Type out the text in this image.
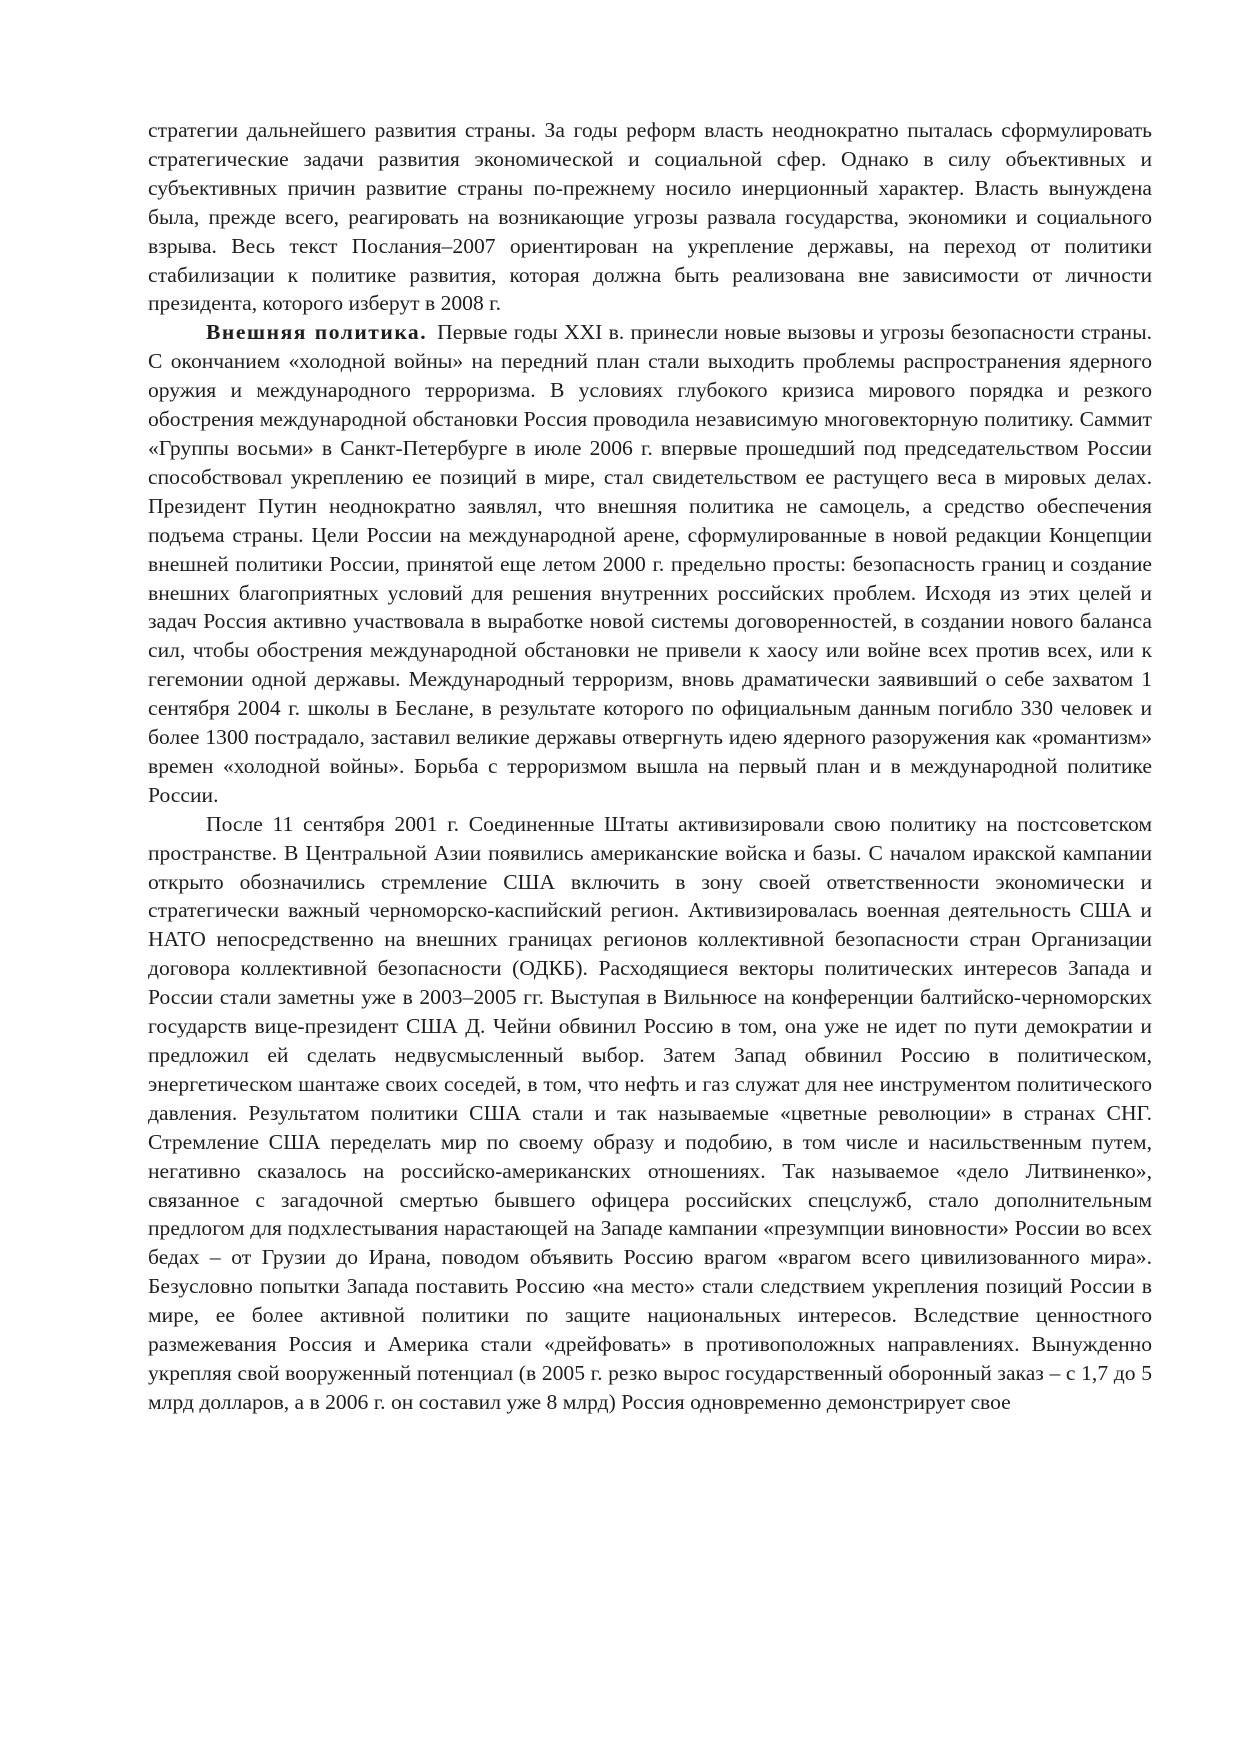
стратегии дальнейшего развития страны. За годы реформ власть неоднократно пыталась сформулировать стратегические задачи развития экономической и социальной сфер. Однако в силу объективных и субъективных причин развитие страны по-прежнему носило инерционный характер. Власть вынуждена была, прежде всего, реагировать на возникающие угрозы развала государства, экономики и социального взрыва. Весь текст Послания–2007 ориентирован на укрепление державы, на переход от политики стабилизации к политике развития, которая должна быть реализована вне зависимости от личности президента, которого изберут в 2008 г.

Внешняя политика. Первые годы XXI в. принесли новые вызовы и угрозы безопасности страны. С окончанием «холодной войны» на передний план стали выходить проблемы распространения ядерного оружия и международного терроризма. В условиях глубокого кризиса мирового порядка и резкого обострения международной обстановки Россия проводила независимую многовекторную политику. Саммит «Группы восьми» в Санкт-Петербурге в июле 2006 г. впервые прошедший под председательством России способствовал укреплению ее позиций в мире, стал свидетельством ее растущего веса в мировых делах. Президент Путин неоднократно заявлял, что внешняя политика не самоцель, а средство обеспечения подъема страны. Цели России на международной арене, сформулированные в новой редакции Концепции внешней политики России, принятой еще летом 2000 г. предельно просты: безопасность границ и создание внешних благоприятных условий для решения внутренних российских проблем. Исходя из этих целей и задач Россия активно участвовала в выработке новой системы договоренностей, в создании нового баланса сил, чтобы обострения международной обстановки не привели к хаосу или войне всех против всех, или к гегемонии одной державы. Международный терроризм, вновь драматически заявивший о себе захватом 1 сентября 2004 г. школы в Беслане, в результате которого по официальным данным погибло 330 человек и более 1300 пострадало, заставил великие державы отвергнуть идею ядерного разоружения как «романтизм» времен «холодной войны». Борьба с терроризмом вышла на первый план и в международной политике России.

После 11 сентября 2001 г. Соединенные Штаты активизировали свою политику на постсоветском пространстве. В Центральной Азии появились американские войска и базы. С началом иракской кампании открыто обозначились стремление США включить в зону своей ответственности экономически и стратегически важный черноморско-каспийский регион. Активизировалась военная деятельность США и НАТО непосредственно на внешних границах регионов коллективной безопасности стран Организации договора коллективной безопасности (ОДКБ). Расходящиеся векторы политических интересов Запада и России стали заметны уже в 2003–2005 гг. Выступая в Вильнюсе на конференции балтийско-черноморских государств вице-президент США Д. Чейни обвинил Россию в том, она уже не идет по пути демократии и предложил ей сделать недвусмысленный выбор. Затем Запад обвинил Россию в политическом, энергетическом шантаже своих соседей, в том, что нефть и газ служат для нее инструментом политического давления. Результатом политики США стали и так называемые «цветные революции» в странах СНГ. Стремление США переделать мир по своему образу и подобию, в том числе и насильственным путем, негативно сказалось на российско-американских отношениях. Так называемое «дело Литвиненко», связанное с загадочной смертью бывшего офицера российских спецслужб, стало дополнительным предлогом для подхлестывания нарастающей на Западе кампании «презумпции виновности» России во всех бедах – от Грузии до Ирана, поводом объявить Россию врагом «врагом всего цивилизованного мира». Безусловно попытки Запада поставить Россию «на место» стали следствием укрепления позиций России в мире, ее более активной политики по защите национальных интересов. Вследствие ценностного размежевания Россия и Америка стали «дрейфовать» в противоположных направлениях. Вынужденно укрепляя свой вооруженный потенциал (в 2005 г. резко вырос государственный оборонный заказ – с 1,7 до 5 млрд долларов, а в 2006 г. он составил уже 8 млрд) Россия одновременно демонстрирует свое
